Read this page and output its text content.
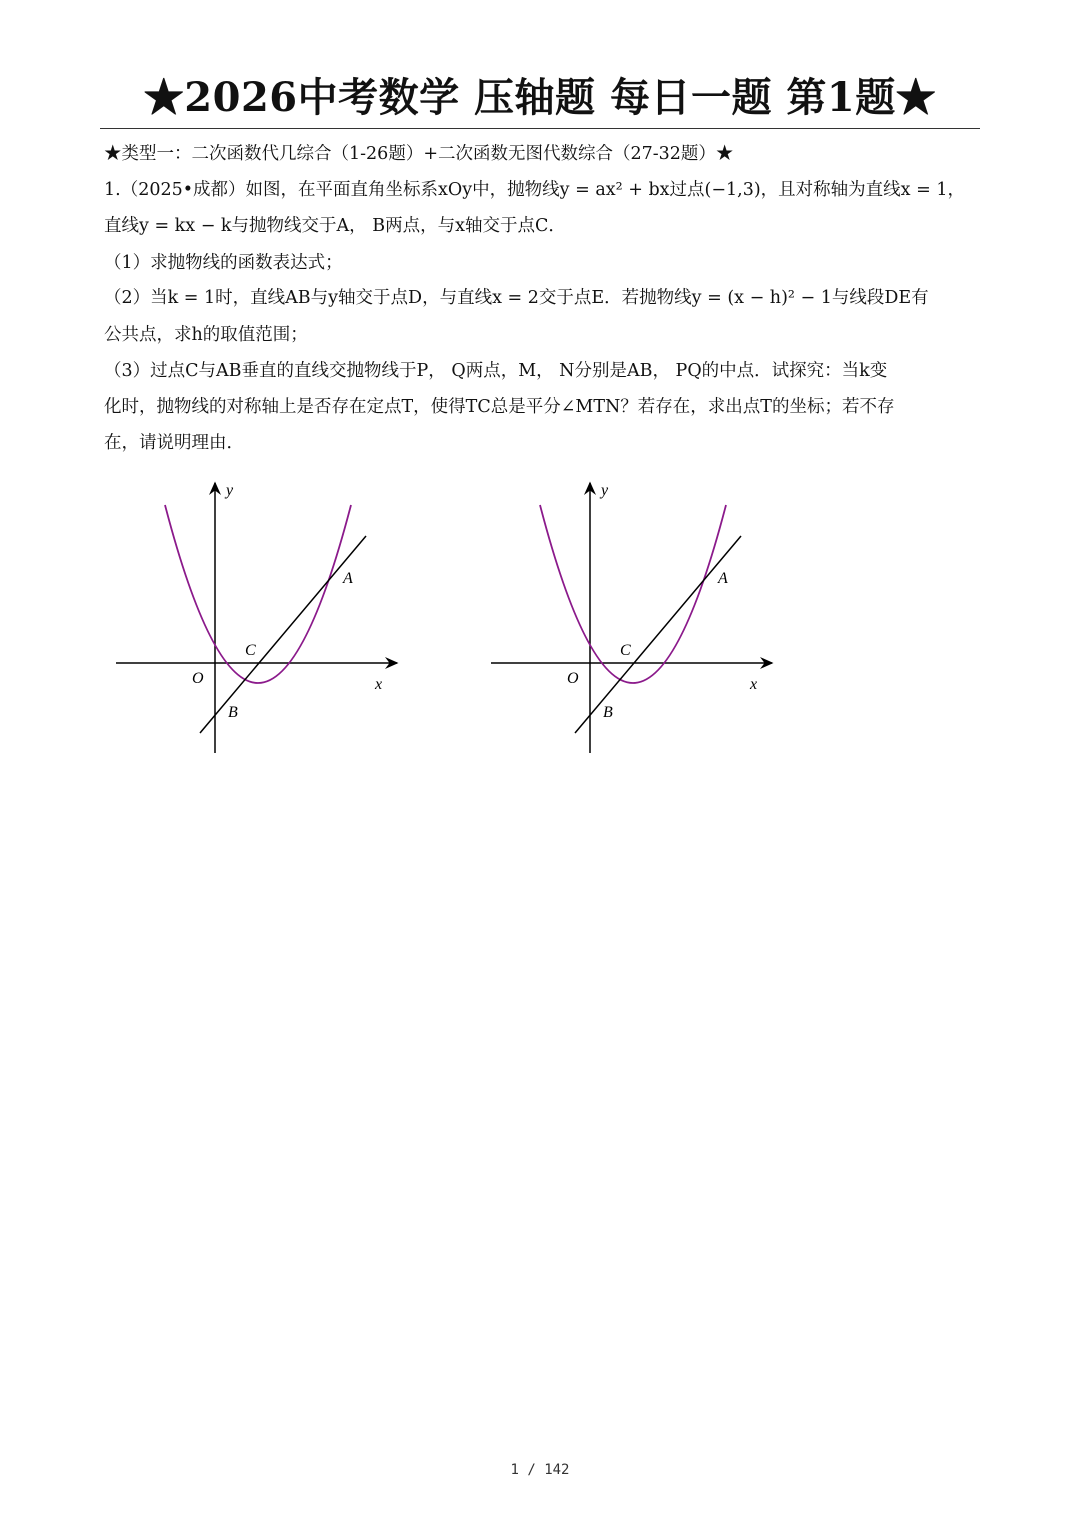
★2026中考数学 压轴题 每日一题 第1题★
★类型一：二次函数代几综合（1-26题）+二次函数无图代数综合（27-32题）★
1.（2025•成都）如图，在平面直角坐标系xOy中，抛物线y = ax² + bx过点(−1,3)，且对称轴为直线x = 1，
直线y = kx − k与抛物线交于A， B两点，与x轴交于点C．
（1）求抛物线的函数表达式；
（2）当k = 1时，直线AB与y轴交于点D，与直线x = 2交于点E．若抛物线y = (x − h)² − 1与线段DE有
公共点，求h的取值范围；
（3）过点C与AB垂直的直线交抛物线于P， Q两点，M， N分别是AB， PQ的中点．试探究：当k变
化时，抛物线的对称轴上是否存在定点T，使得TC总是平分∠MTN？若存在，求出点T的坐标；若不存
在，请说明理由．
y
x
O
A
B
C
y
x
O
A
B
C
1 / 142
